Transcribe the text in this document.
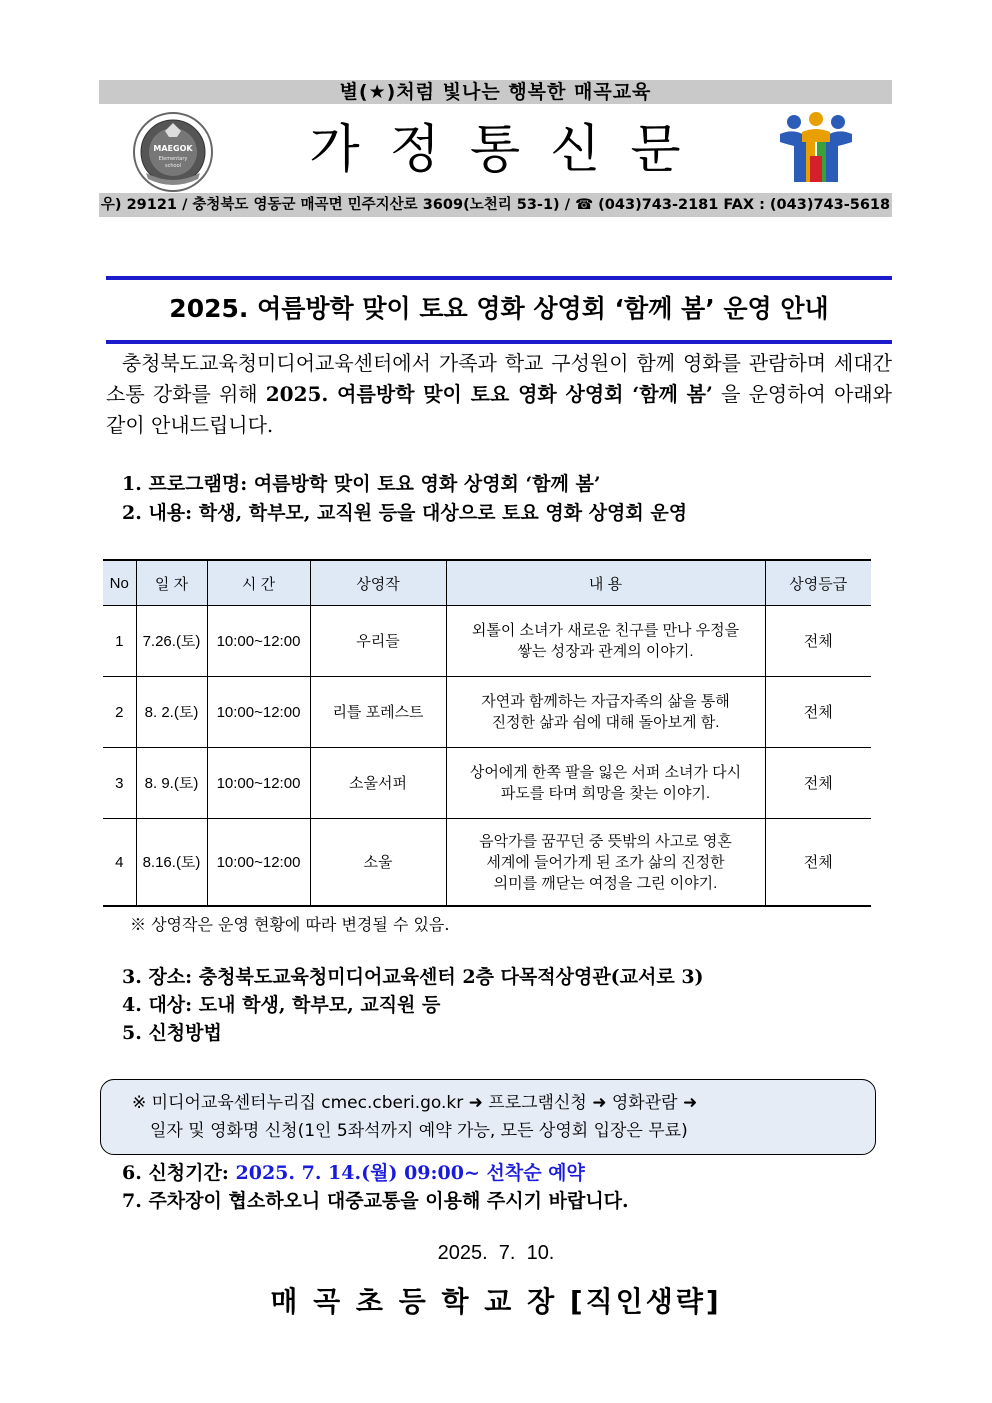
별(★)처럼 빛나는 행복한 매곡교육
MAEGOK
Elementary
school	가정통신문
우) 29121 / 충청북도 영동군 매곡면 민주지산로 3609(노천리 53-1) / ☎ (043)743-2181 FAX : (043)743-5618
2025. 여름방학 맞이 토요 영화 상영회 ‘함께 봄’ 운영 안내
충청북도교육청미디어교육센터에서 가족과 학교 구성원이 함께 영화를 관람하며 세대간 소통 강화를 위해 2025. 여름방학 맞이 토요 영화 상영회 ‘함께 봄’ 을 운영하여 아래와 같이 안내드립니다.
1. 프로그램명: 여름방학 맞이 토요 영화 상영회 ‘함께 봄’
2. 내용: 학생, 학부모, 교직원 등을 대상으로 토요 영화 상영회 운영
No	일 자	시 간	상영작	내 용	상영등급
1	7.26.(토)	10:00~12:00	우리들	외톨이 소녀가 새로운 친구를 만나 우정을
쌓는 성장과 관계의 이야기.	전체
2	8. 2.(토)	10:00~12:00	리틀 포레스트	자연과 함께하는 자급자족의 삶을 통해
진정한 삶과 쉼에 대해 돌아보게 함.	전체
3	8. 9.(토)	10:00~12:00	소울서퍼	상어에게 한쪽 팔을 잃은 서퍼 소녀가 다시
파도를 타며 희망을 찾는 이야기.	전체
4	8.16.(토)	10:00~12:00	소울	음악가를 꿈꾸던 중 뜻밖의 사고로 영혼
세계에 들어가게 된 조가 삶의 진정한
의미를 깨닫는 여정을 그린 이야기.	전체
※ 상영작은 운영 현황에 따라 변경될 수 있음.
3. 장소: 충청북도교육청미디어교육센터 2층 다목적상영관(교서로 3)
4. 대상: 도내 학생, 학부모, 교직원 등
5. 신청방법
※ 미디어교육센터누리집 cmec.cberi.go.kr ➜ 프로그램신청 ➜ 영화관람 ➜
일자 및 영화명 신청(1인 5좌석까지 예약 가능, 모든 상영회 입장은 무료)
6. 신청기간: 2025. 7. 14.(월) 09:00~ 선착순 예약
7. 주차장이 협소하오니 대중교통을 이용해 주시기 바랍니다.
2025.  7.  10.
매 곡 초 등 학 교 장 [직인생략]
